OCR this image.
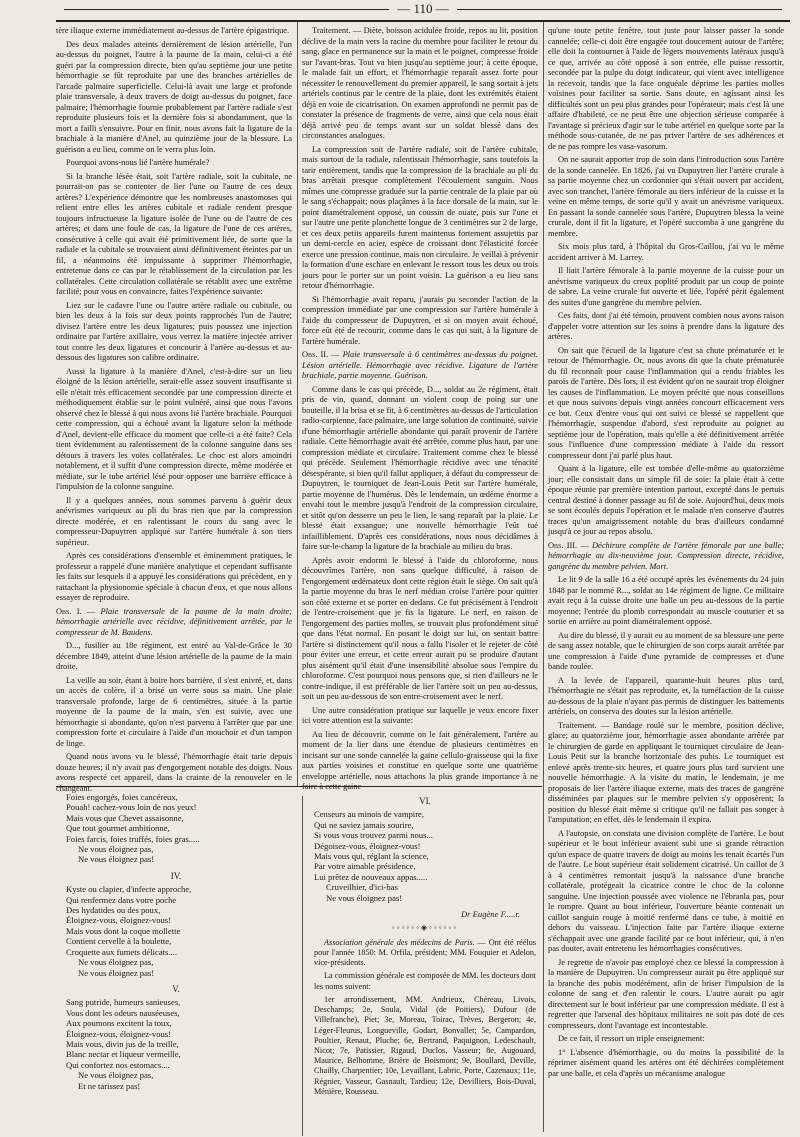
— 110 —

tère iliaque externe immédiatement au-dessus de l'artère épigastrique.

Des deux malades atteints dernièrement de lésion artérielle, l'un au-dessus du poignet, l'autre à la paume de la main, celui-ci a été guéri par la compression directe, bien qu'au septième jour une petite hémorrhagie se fût reproduite par une des branches artérielles de l'arcade palmaire superficielle. Celui-là avait une large et profonde plaie transversale, à deux travers de doigt au-dessus du poignet, face palmaire; l'hémorrhagie fournie probablement par l'artère radiale s'est reproduite plusieurs fois et la dernière fois si abondamment, que la mort a failli s'ensuivre. Pour en finir, nous avons fait la ligature de la brachiale à la manière d'Anel, au quinzième jour de la blessure. La guérison a eu lieu, comme on le verra plus loin.

Pourquoi avons-nous lié l'artère humérale?

Si la branche lésée était, soit l'artère radiale, soit la cubitale, ne pourrait-on pas se contenter de lier l'une ou l'autre de ces deux artères? L'expérience démontre que les nombreuses anastomoses qui relient entre elles les artères cubitale et radiale rendent presque toujours infructueuse la ligature isolée de l'une ou de l'autre de ces artères; et dans une foule de cas, la ligature de l'une de ces artères, consécutive à celle qui avait été primitivement liée, de sorte que la radiale et la cubitale se trouvaient ainsi définitivement éteintes par un fil, a néanmoins été impuissante à supprimer l'hémorrhagie, entretenue dans ce cas par le rétablissement de la circulation par les collatérales. Cette circulation collatérale se rétablit avec une extrême facilité; pour vous en convaincre, faites l'expérience suivante:

Liez sur le cadavre l'une ou l'autre artère radiale ou cubitale, ou bien les deux à la fois sur deux points rapprochés l'un de l'autre; divisez l'artère entre les deux ligatures; puis poussez une injection ordinaire par l'artère axillaire, vous verrez la matière injectée arriver tout contre les deux ligatures et concourir à l'artère au-dessus et au-dessous des ligatures son calibre ordinaire.

Aussi la ligature à la manière d'Anel, c'est-à-dire sur un lieu éloigné de la lésion artérielle, serait-elle assez souvent insuffisante si elle n'était très efficacement secondée par une compression directe et méthodiquement établie sur le point vulnéré, ainsi que nous l'avons observé chez le blessé à qui nous avons lié l'artère brachiale. Pourquoi cette compression, qui a échoué avant la ligature selon la méthode d'Anel, devient-elle efficace du moment que celle-ci a été faite? Cela tient évidemment au ralentissement de la colonne sanguine dans ses détours à travers les voies collatérales. Le choc est alors amoindri notablement, et il suffit d'une compression directe, même modérée et médiate, sur le tube artériel lésé pour opposer une barrière efficace à l'impulsion de la colonne sanguine.

Il y a quelques années, nous sommes parvenu à guérir deux anévrismes variqueux au pli du bras rien que par la compression directe modérée, et en ralentissant le cours du sang avec le compresseur-Dupuytren appliqué sur l'artère humérale à son tiers supérieur.

Après ces considérations d'ensemble et éminemment pratiques, le professeur a rappelé d'une manière analytique et cependant suffisante les faits sur lesquels il a appuyé les considérations qui précèdent, en y rattachant la physionomie spéciale à chacun d'eux, et que nous allons essayer de reproduire.

Obs. I. — Plaie transversale de la paume de la main droite; hémorrhagie artérielle avec récidive, définitivement arrêtée, par le compresseur de M. Baudens.

D..., fusilier au 18e régiment, est entré au Val-de-Grâce le 30 décembre 1849, atteint d'une lésion artérielle de la paume de la main droite.

La veille au soir, étant à boire hors barrière, il s'est enivré, et, dans un accès de colère, il a brisé un verre sous sa main. Une plaie transversale profonde, large de 6 centimètres, située à la partie moyenne de la paume de la main, s'en est suivie, avec une hémorrhagie si abondante, qu'on n'est parvenu à l'arrêter que par une compression forte et circulaire à l'aide d'un mouchoir et d'un tampon de linge.

Quand nous avons vu le blessé, l'hémorrhagie était tarie depuis douze heures; il n'y avait pas d'engorgement notable des doigts. Nous avons respecté cet appareil, dans la crainte de la renouveler en le changeant.

Traitement. — Diète, boisson acidulée froide, repos au lit, position déclive de la main vers la racine du membre pour faciliter le retour du sang, glace en permanence sur la main et le poignet, compresse froide sur l'avant-bras. Tout va bien jusqu'au septième jour; à cette époque, le malade fait un effort, et l'hémorrhagie reparaît assez forte pour nécessiter le renouvellement du premier appareil, le sang sortait à jets artériels continus par le centre de la plaie, dont les extrémités étaient déjà en voie de cicatrisation. On examen approfondi ne permit pas de constater la présence de fragments de verre, ainsi que cela nous était déjà arrivé peu de temps avant sur un soldat blessé dans des circonstances analogues.

La compression soit de l'artère radiale, soit de l'artère cubitale, mais surtout de la radiale, ralentissait l'hémorrhagie, sans toutefois la tarir entièrement, tandis que la compression de la brachiale au pli du bras arrêtait presque complètement l'écoulement sanguin. Nous mîmes une compresse graduée sur la partie centrale de la plaie par où le sang s'échappait; nous plaçâmes à la face dorsale de la main, sur le point diamétralement opposé, un coussin de ouate, puis sur l'une et sur l'autre une petite planchette longue de 3 centimètres sur 2 de large, et ces deux petits appareils furent maintenus fortement assujettis par un demi-cercle en acier, espèce de croissant dont l'élasticité forcée exerce une pression continue, mais non circulaire. Je veillai à prévenir la formation d'une eschare en enlevant le ressort tous les deux ou trois jours pour le porter sur un point voisin. La guérison a eu lieu sans retour d'hémorrhagie.

Si l'hémorrhagie avait reparu, j'aurais pu seconder l'action de la compression immédiate par une compression sur l'artère humérale à l'aide du compresseur de Dupuytren, et si on moyen avait échoué, force eût été de recourir, comme dans le cas qui suit, à la ligature de l'artère humérale.

Obs. II. — Plaie transversale à 6 centimètres au-dessus du poignet. Lésion artérielle. Hémorrhagie avec récidive. Ligature de l'artère brachiale, partie moyenne. Guérison.

Comme dans le cas qui précède, D..., soldat au 2e régiment, était pris de vin, quand, donnant un violent coup de poing sur une bouteille, il la brisa et se fit, à 6 centimètres au-dessus de l'articulation radio-carpienne, face palmaire, une large solution de continuité, suivie d'une hémorrhagie artérielle abondante qui paraît provenir de l'artère radiale. Cette hémorrhagie avait été arrêtée, comme plus haut, par une compression médiate et circulaire. Traitement comme chez le blessé qui précède. Seulement l'hémorrhagie récidive avec une ténacité désespérante, si bien qu'il fallut appliquer, à défaut du compresseur de Dupuytren, le tourniquet de Jean-Louis Petit sur l'artère humérale, partie moyenne de l'humérus. Dès le lendemain, un œdème énorme a envahi tout le membre jusqu'à l'endroit de la compression circulaire, et sitôt qu'on desserre un peu le lien, le sang reparaît par la plaie. Le blessé était exsangue; une nouvelle hémorrhagie l'eût tué infailliblement. D'après ces considérations, nous nous décidâmes à faire sur-le-champ la ligature de la brachiale au milieu du bras.

Après avoir endormi le blessé à l'aide du chloroforme, nous découvrîmes l'artère, non sans quelque difficulté, à raison de l'engorgement œdémateux dont cette région était le siège. On sait qu'à la partie moyenne du bras le nerf médian croise l'artère pour quitter son côté externe et se porter en dedans. Ce fut précisément à l'endroit de l'entre-croisement que je fis la ligature. Le nerf, en raison de l'engorgement des parties molles, se trouvait plus profondément situé que dans l'état normal. En posant le doigt sur lui, on sentait battre l'artère si distinctement qu'il nous a fallu l'isoler et le rejeter de côté pour éviter une erreur, et cette erreur aurait pu se produire d'autant plus aisément qu'il était d'une insensibilité absolue sous l'empire du chloroforme. C'est pourquoi nous pensons que, si rien d'ailleurs ne le contre-indique, il est préférable de lier l'artère soit un peu au-dessus, soit un peu au-dessous de son entre-croisement avec le nerf.

Une autre considération pratique sur laquelle je veux encore fixer ici votre attention est la suivante:

Au lieu de découvrir, comme on le fait généralement, l'artère au moment de la lier dans une étendue de plusieurs centimètres en incisant sur une sonde cannelée la gaine cellulo-graisseuse qui la fixe aux parties voisines et constitue en quelque sorte une quatrième enveloppe artérielle, nous attachons la plus grande importance à ne faire à cette gaine

qu'une toute petite fenêtre, tout juste pour laisser passer la sonde cannelée; celle-ci doit être engagée tout doucement autour de l'artère; elle doit la contourner à l'aide de légers mouvements latéraux jusqu'à ce que, arrivée au côté opposé à son entrée, elle puisse ressortir, secondée par la pulpe du doigt indicateur, qui vient avec intelligence la recevoir, tandis que la face onguéale déprime les parties molles voisines pour faciliter sa sortie. Sans doute, en agissant ainsi les difficultés sont un peu plus grandes pour l'opérateur; mais c'est là une affaire d'habileté, ce ne peut être une objection sérieuse comparée à l'avantage si précieux d'agir sur le tube artériel en quelque sorte par la méthode sous-cutanée, de ne pas priver l'artère de ses adhérences et de ne pas rompre les vasa-vasorum.

On ne saurait apporter trop de soin dans l'introduction sous l'artère de la sonde cannelée. En 1826, j'ai vu Dupuytren lier l'artère crurale à sa partie moyenne chez un cordonnier qui s'était ouvert par accident, avec son tranchet, l'artère fémorale au tiers inférieur de la cuisse et la veine en même temps, de sorte qu'il y avait un anévrisme variqueux. En passant la sonde cannelée sous l'artère, Dupuytren blessa la veine crurale, dont il fit la ligature, et l'opéré succomba à une gangrène du membre.

Six mois plus tard, à l'hôpital du Gros-Caillou, j'ai vu le même accident arriver à M. Larrey.

Il liait l'artère fémorale à la partie moyenne de la cuisse pour un anévrisme variqueux du creux poplité produit par un coup de pointe de sabre. La veine crurale fut ouverte et liée, l'opéré périt également des suites d'une gangrène du membre pelvien.

Ces faits, dont j'ai été témoin, prouvent combien nous avons raison d'appeler votre attention sur les soins à prendre dans la ligature des artères.

On sait que l'écueil de la ligature c'est sa chute prématurée et le retour de l'hémorrhagie. Or, nous avons dit que la chute prématurée du fil reconnaît pour cause l'inflammation qui a rendu friables les parois de l'artère. Dès lors, il est évident qu'on ne saurait trop éloigner les causes de l'inflammation. Le moyen précité que nous conseillons et que nous suivons depuis vingt années concourt efficacement vers ce but. Ceux d'entre vous qui ont suivi ce blessé se rappellent que l'hémorrhagie, suspendue d'abord, s'est reproduite au poignet au septième jour de l'opération, mais qu'elle a été définitivement arrêtée sous l'influence d'une compression médiate à l'aide du ressort compresseur dont j'ai parlé plus haut.

Quant à la ligature, elle est tombée d'elle-même au quatorzième jour; elle consistait dans un simple fil de soie: la plaie était à cette époque réunie par première intention partout, excepté dans le pertuis central destiné à donner passage au fil de soie. Aujourd'hui, deux mois se sont écoulés depuis l'opération et le malade n'en conserve d'autres traces qu'un amaigrissement notable du bras d'ailleurs condamné jusqu'à ce jour au repos absolu.

Obs. III. — Déchirure complète de l'artère fémorale par une balle; hémorrhagie au dix-neuvième jour. Compression directe, récidive, gangrène du membre pelvien. Mort.

Le lit 9 de la salle 16 a été occupé après les événements du 24 juin 1848 par le nommé R..., soldat au 14e régiment de ligne. Ce militaire avait reçu à la cuisse droite une balle un peu au-dessous de la partie moyenne; l'entrée du plomb correspondait au muscle couturier et sa sortie en arrière au point diamétralement opposé.

Au dire du blessé, il y aurait eu au moment de sa blessure une perte de sang assez notable, que le chirurgien de son corps aurait arrêtée par une compression à l'aide d'une pyramide de compresses et d'une bande roulée.

A la levée de l'appareil, quarante-huit heures plus tard, l'hémorrhagie ne s'était pas reproduite, et, la tuméfaction de la cuisse au-dessous de la plaie n'ayant pas permis de distinguer les battements artériels, on conserva des doutes sur la lésion artérielle.

Traitement. — Bandage roulé sur le membre, position déclive, glace; au quatorzième jour, hémorrhagie assez abondante arrêtée par le chirurgien de garde en appliquant le tourniquet circulaire de Jean-Louis Petit sur la branche horizontale des pubis. Le tourniquet est enlevé après trente-six heures, et quatre jours plus tard survient une nouvelle hémorrhagie. A la visite du matin, le lendemain, je me proposais de lier l'artère iliaque externe, mais des traces de gangrène disséminées par plaques sur le membre pelvien s'y opposèrent; la position du blessé était même si critique qu'il ne fallait pas songer à l'amputation; en effet, dès le lendemain il expira.

A l'autopsie, on constata une division complète de l'artère. Le bout supérieur et le bout inférieur avaient subi une si grande rétraction qu'un espace de quatre travers de doigt au moins les tenait écartés l'un de l'autre. Le bout supérieur était solidement cicatrisé. Un caillot de 3 à 4 centimètres remontait jusqu'à la naissance d'une branche collatérale, protégeait la cicatrice contre le choc de la colonne sanguine. Une injection poussée avec violence ne l'ébranla pas, pour le rompre. Quant au bout inférieur, l'ouverture béante contenait un caillot sanguin rouge à moitié renfermé dans ce tube, à moitié en dehors du vaisseau. L'injection faite par l'artère iliaque externe s'échappait avec une grande facilité par ce bout inférieur, qui, à n'en pas douter, avait entretenu les hémorrhagies consécutives.

Je regrette de n'avoir pas employé chez ce blessé la compression à la manière de Dupuytren. Un compresseur aurait pu être appliqué sur la branche des pubis modérément, afin de briser l'impulsion de la colonne de sang et d'en ralentir le cours. L'autre aurait pu agir directement sur le bout inférieur par une compression médiate. Il est à regretter que l'arsenal des hôpitaux militaires ne soit pas doté de ces compresseurs, dont l'avantage est incontestable.

De ce fait, il ressort un triple enseignement:

1° L'absence d'hémorrhagie, ou du moins la possibilité de la réprimer aisément quand les artères ont été déchirées complètement par une balle, et cela d'après un mécanisme analogue

Foies engorgés, foies cancéreux,
Pouah! cachez-vous loin de nos yeux!
Mais vous que Chevet assaisonne,
Que tout gourmet ambitionne,
Foies farcis, foies truffés, foies gras.....
Ne vous éloignez pas,
Ne vous éloignez pas!
IV.
Kyste ou clapier, d'infecte approche,
Qui renfermez dans votre poche
Des hydatides ou des poux,
Éloignez-vous, éloignez-vous!
Mais vous dont la coque mollette
Contient cervelle à la boulette,
Croquette aux fumets délicats....
Ne vous éloignez pas,
Ne vous éloignez pas!
V.
Sang putride, humeurs sanieuses,
Vous dont les odeurs nauséeuses,
Aux poumons excitent la toux,
Éloignez-vous, éloignez-vous!
Mais vous, divin jus de la treille,
Blanc nectar et liqueur vermeille,
Qui confortez nos estomacs....
Ne vous éloignez pas,
Et ne tarissez pas!
VI.
Censeurs au minois de vampire,
Qui ne saviez jamais sourire,
Si vous vous trouvez parmi nous...
Dégoisez-vous, éloignez-vous!
Mais vous qui, réglant la science,
Par votre aimable présidence,
Lui prêtez de nouveaux appas.....
Cruveilhier, d'ici-bas
Ne vous éloignez pas!
Dr Eugène F.....r.
◦◦◦◦◦◦◈◦◦◦◦◦◦

Association générale des médecins de Paris. — Ont été réélus pour l'année 1850: M. Orfila, président; MM. Fouquier et Adelon, vice-présidents.

La commission générale est composée de MM. les docteurs dont les noms suivent:

1er arrondissement, MM. Andrieux, Chéreau, Livois, Deschamps; 2e, Soula, Vidal (de Poitiers), Dufour (de Villefranche), Piet; 3e, Moreau, Toirac, Trèves, Bergeron; 4e, Léger-Fleurus, Longueville, Godart, Bonvallet; 5e, Campardon, Poultier, Renaut, Pluche; 6e, Bertrand, Paquignon, Ledeschault, Nicot; 7e, Patissier, Rigaud, Duclos, Vasseur; 8e, Augouard, Maurice, Belhomme, Brière de Boismont; 9e, Boullard, Deville, Chailly, Charpentier; 10e, Levaillant, Labric, Porte, Cazenaux; 11e, Régnier, Vasseur, Gasnault, Tardieu; 12e, Devilliers, Bois-Duval, Ménière, Rousseau.
